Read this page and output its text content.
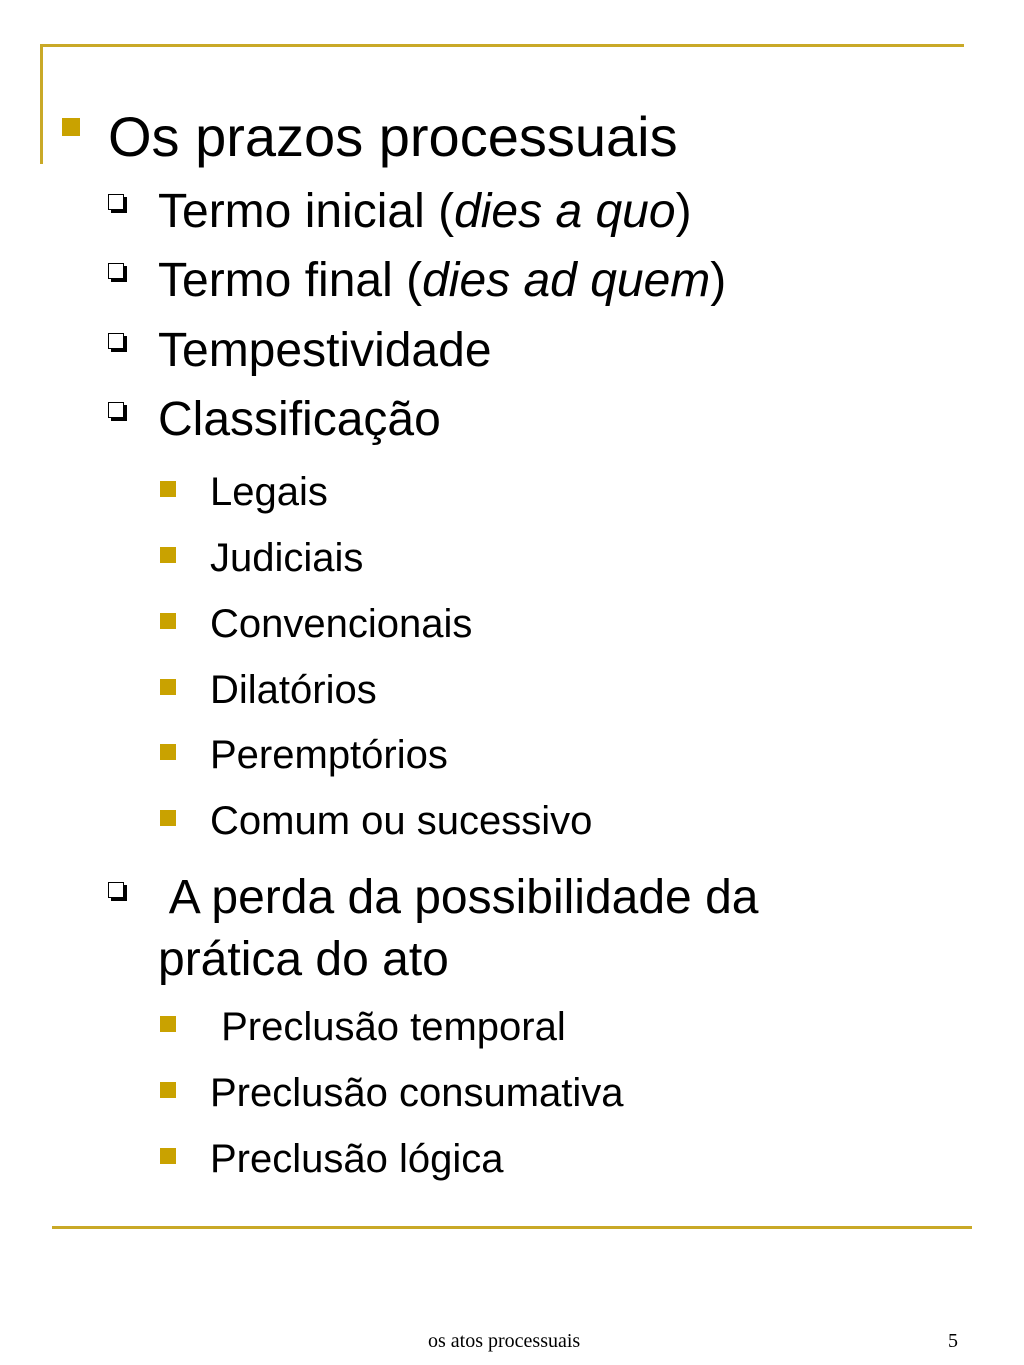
Os prazos processuais
Termo inicial (dies a quo)
Termo final (dies ad quem)
Tempestividade
Classificação
Legais
Judiciais
Convencionais
Dilatórios
Peremptórios
Comum ou sucessivo
A perda da possibilidade da
prática do ato
Preclusão temporal
Preclusão consumativa
Preclusão lógica
os atos processuais	5
